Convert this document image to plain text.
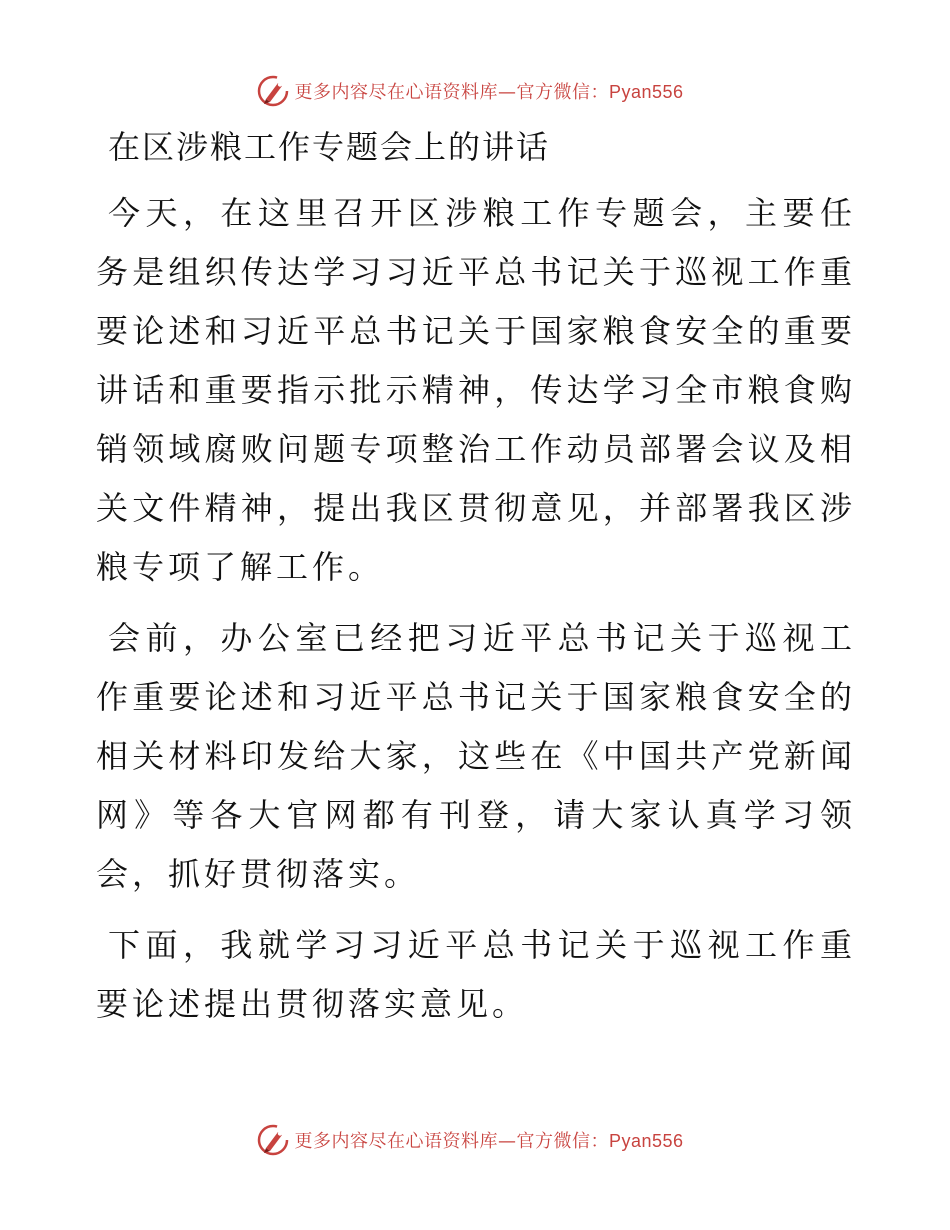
更多内容尽在心语资料库—官方微信：Pyan556
在区涉粮工作专题会上的讲话

今天，在这里召开区涉粮工作专题会，主要任务是组织传达学习习近平总书记关于巡视工作重要论述和习近平总书记关于国家粮食安全的重要讲话和重要指示批示精神，传达学习全市粮食购销领域腐败问题专项整治工作动员部署会议及相关文件精神，提出我区贯彻意见，并部署我区涉粮专项了解工作。

会前，办公室已经把习近平总书记关于巡视工作重要论述和习近平总书记关于国家粮食安全的相关材料印发给大家，这些在《中国共产党新闻网》等各大官网都有刊登，请大家认真学习领会，抓好贯彻落实。

下面，我就学习习近平总书记关于巡视工作重要论述提出贯彻落实意见。

更多内容尽在心语资料库—官方微信：Pyan556
